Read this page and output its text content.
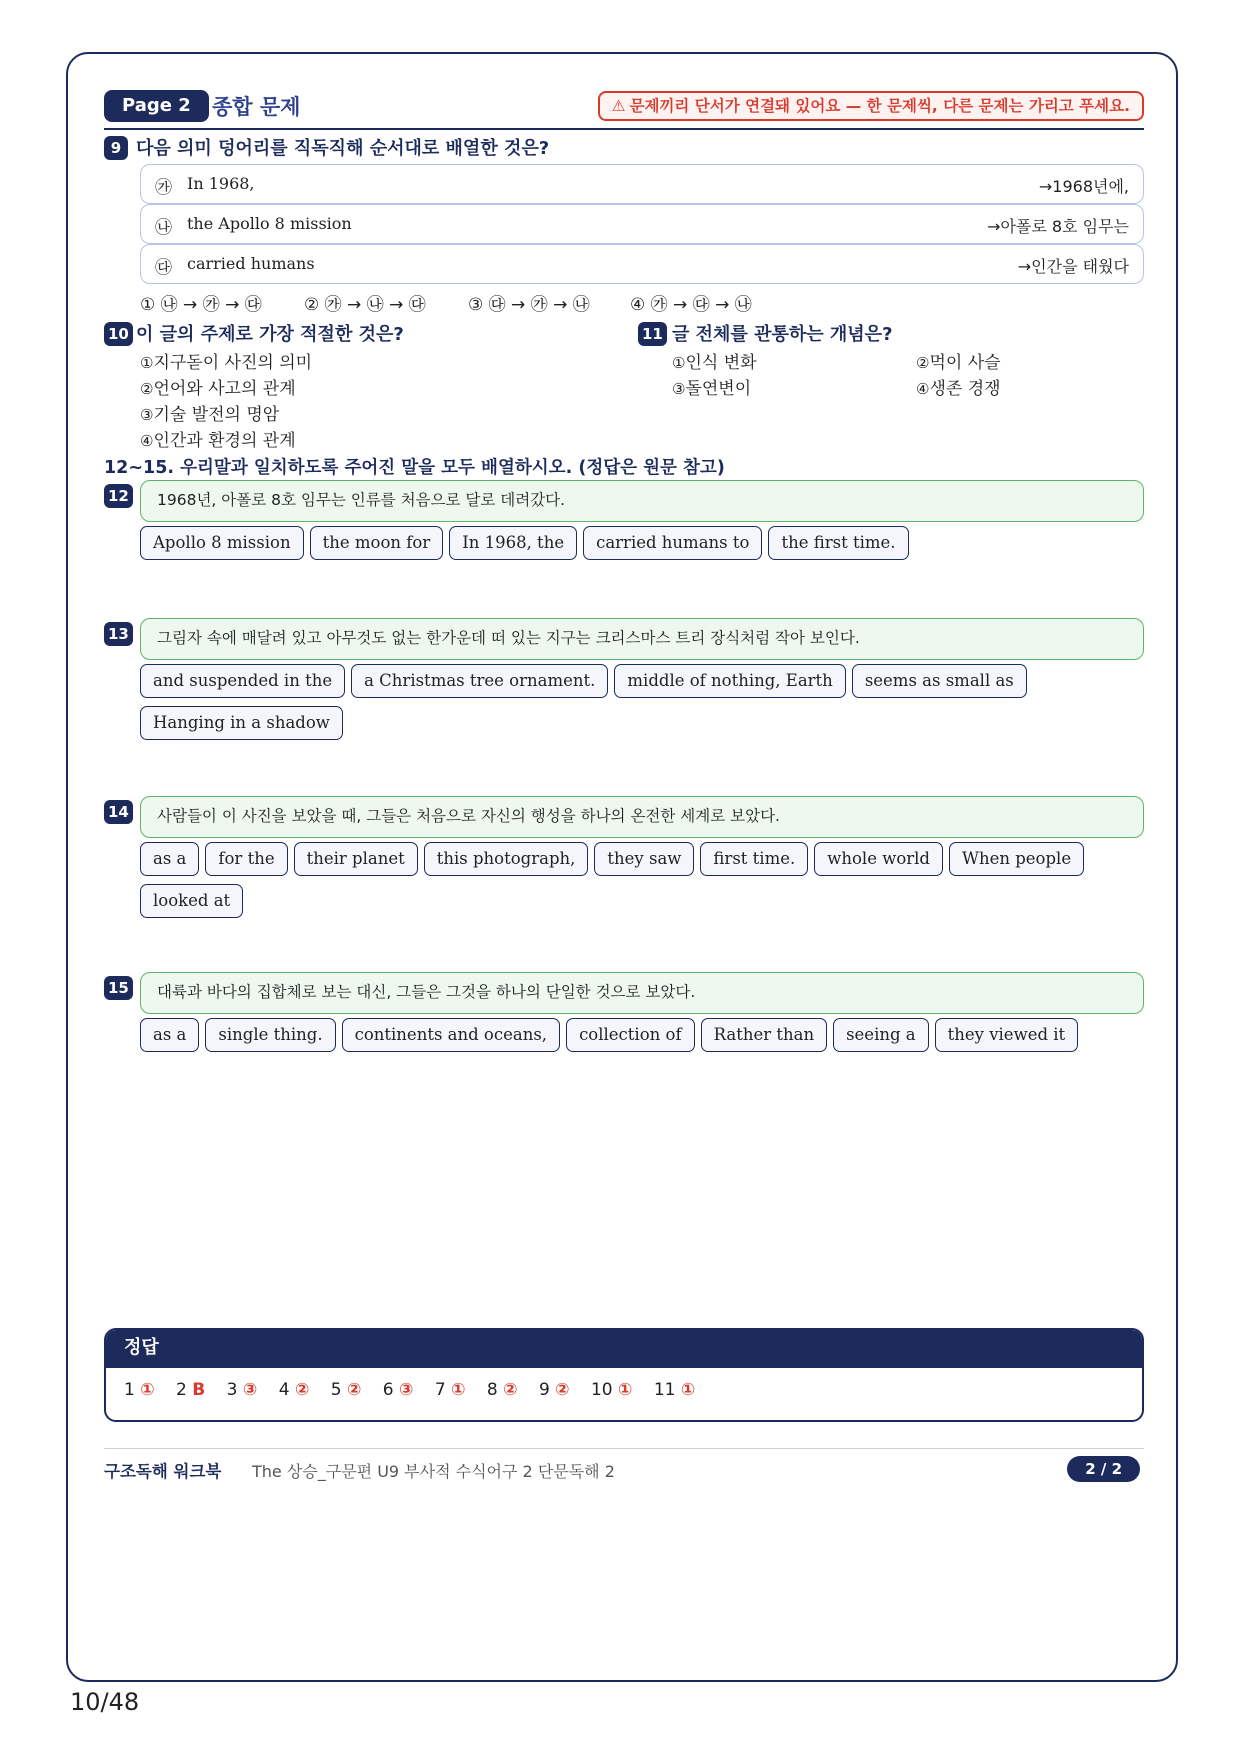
Page 2	종합 문제	⚠ 문제끼리 단서가 연결돼 있어요 — 한 문제씩, 다른 문제는 가리고 푸세요.
9 다음 의미 덩어리를 직독직해 순서대로 배열한 것은?
㉮ In 1968,	→1968년에,
㉯ the Apollo 8 mission	→아폴로 8호 임무는
㉰ carried humans	→인간을 태웠다
① ㉯ → ㉮ → ㉰ ② ㉮ → ㉯ → ㉰ ③ ㉰ → ㉮ → ㉯ ④ ㉮ → ㉰ → ㉯
10 이 글의 주제로 가장 적절한 것은?
①지구돋이 사진의 의미
②언어와 사고의 관계
③기술 발전의 명암
④인간과 환경의 관계
11 글 전체를 관통하는 개념은?
①인식 변화	②먹이 사슬
③돌연변이	④생존 경쟁
12~15. 우리말과 일치하도록 주어진 말을 모두 배열하시오. (정답은 원문 참고)
12	1968년, 아폴로 8호 임무는 인류를 처음으로 달로 데려갔다.
Apollo 8 mission the moon for In 1968, the carried humans to the first time.
13	그림자 속에 매달려 있고 아무것도 없는 한가운데 떠 있는 지구는 크리스마스 트리 장식처럼 작아 보인다.
and suspended in the a Christmas tree ornament. middle of nothing, Earth seems as small asHanging in a shadow
14	사람들이 이 사진을 보았을 때, 그들은 처음으로 자신의 행성을 하나의 온전한 세계로 보았다.
as a for the their planet this photograph, they saw first time. whole world When peoplelooked at
15	대륙과 바다의 집합체로 보는 대신, 그들은 그것을 하나의 단일한 것으로 보았다.
as a single thing. continents and oceans, collection of Rather than seeing a they viewed it
정답
1 ① 2 B 3 ③ 4 ② 5 ② 6 ③ 7 ① 8 ② 9 ② 10 ① 11 ①
구조독해 워크북 The 상승_구문편 U9 부사적 수식어구 2 단문독해 2	2 / 2
10/48
